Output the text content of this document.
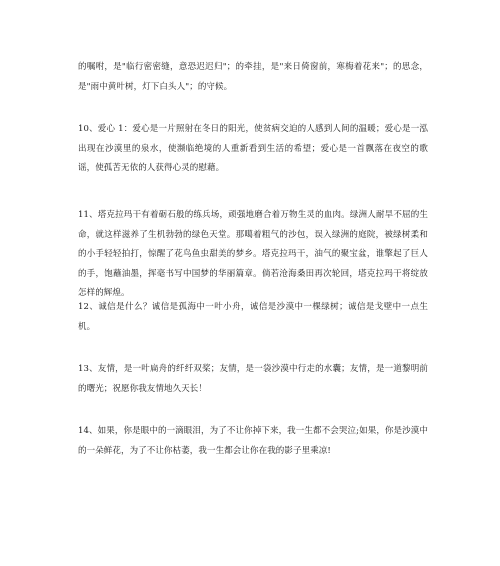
的嘱咐，是"临行密密缝，意恐迟迟归"；的牵挂，是"来日倚窗前，寒梅着花来"；的思念，是"雨中黄叶树，灯下白头人"；的守候。

10、爱心 1：爱心是一片照射在冬日的阳光，使贫病交迫的人感到人间的温暖；爱心是一泓出现在沙漠里的泉水，使濒临绝境的人重新看到生活的希望；爱心是一首飘落在夜空的歌谣，使孤苦无依的人获得心灵的慰藉。

11、塔克拉玛干有着砺石般的练兵场，顽强地磨合着万物生灵的血肉。绿洲人耐旱不屈的生命，就这样滋养了生机勃勃的绿色天堂。那噶着粗气的沙包，误入绿洲的庭院，被绿树柔和的小手轻轻拍打，惊醒了花鸟鱼虫甜美的梦乡。塔克拉玛干，油气的聚宝盆，谁擎起了巨人的手，饱蘸油墨，挥毫书写中国梦的华丽篇章。倘若沧海桑田再次轮回，塔克拉玛干将绽放怎样的辉煌。

12、诚信是什么？诚信是孤海中一叶小舟，诚信是沙漠中一棵绿树；诚信是戈壁中一点生机。

13、友情，是一叶扁舟的纤纤双桨；友情，是一袋沙漠中行走的水囊；友情，是一道黎明前的曙光；祝愿你我友情地久天长！

14、如果，你是眼中的一滴眼泪，为了不让你掉下来，我一生都不会哭泣;如果，你是沙漠中的一朵鲜花，为了不让你枯萎，我一生都会让你在我的影子里乘凉!
